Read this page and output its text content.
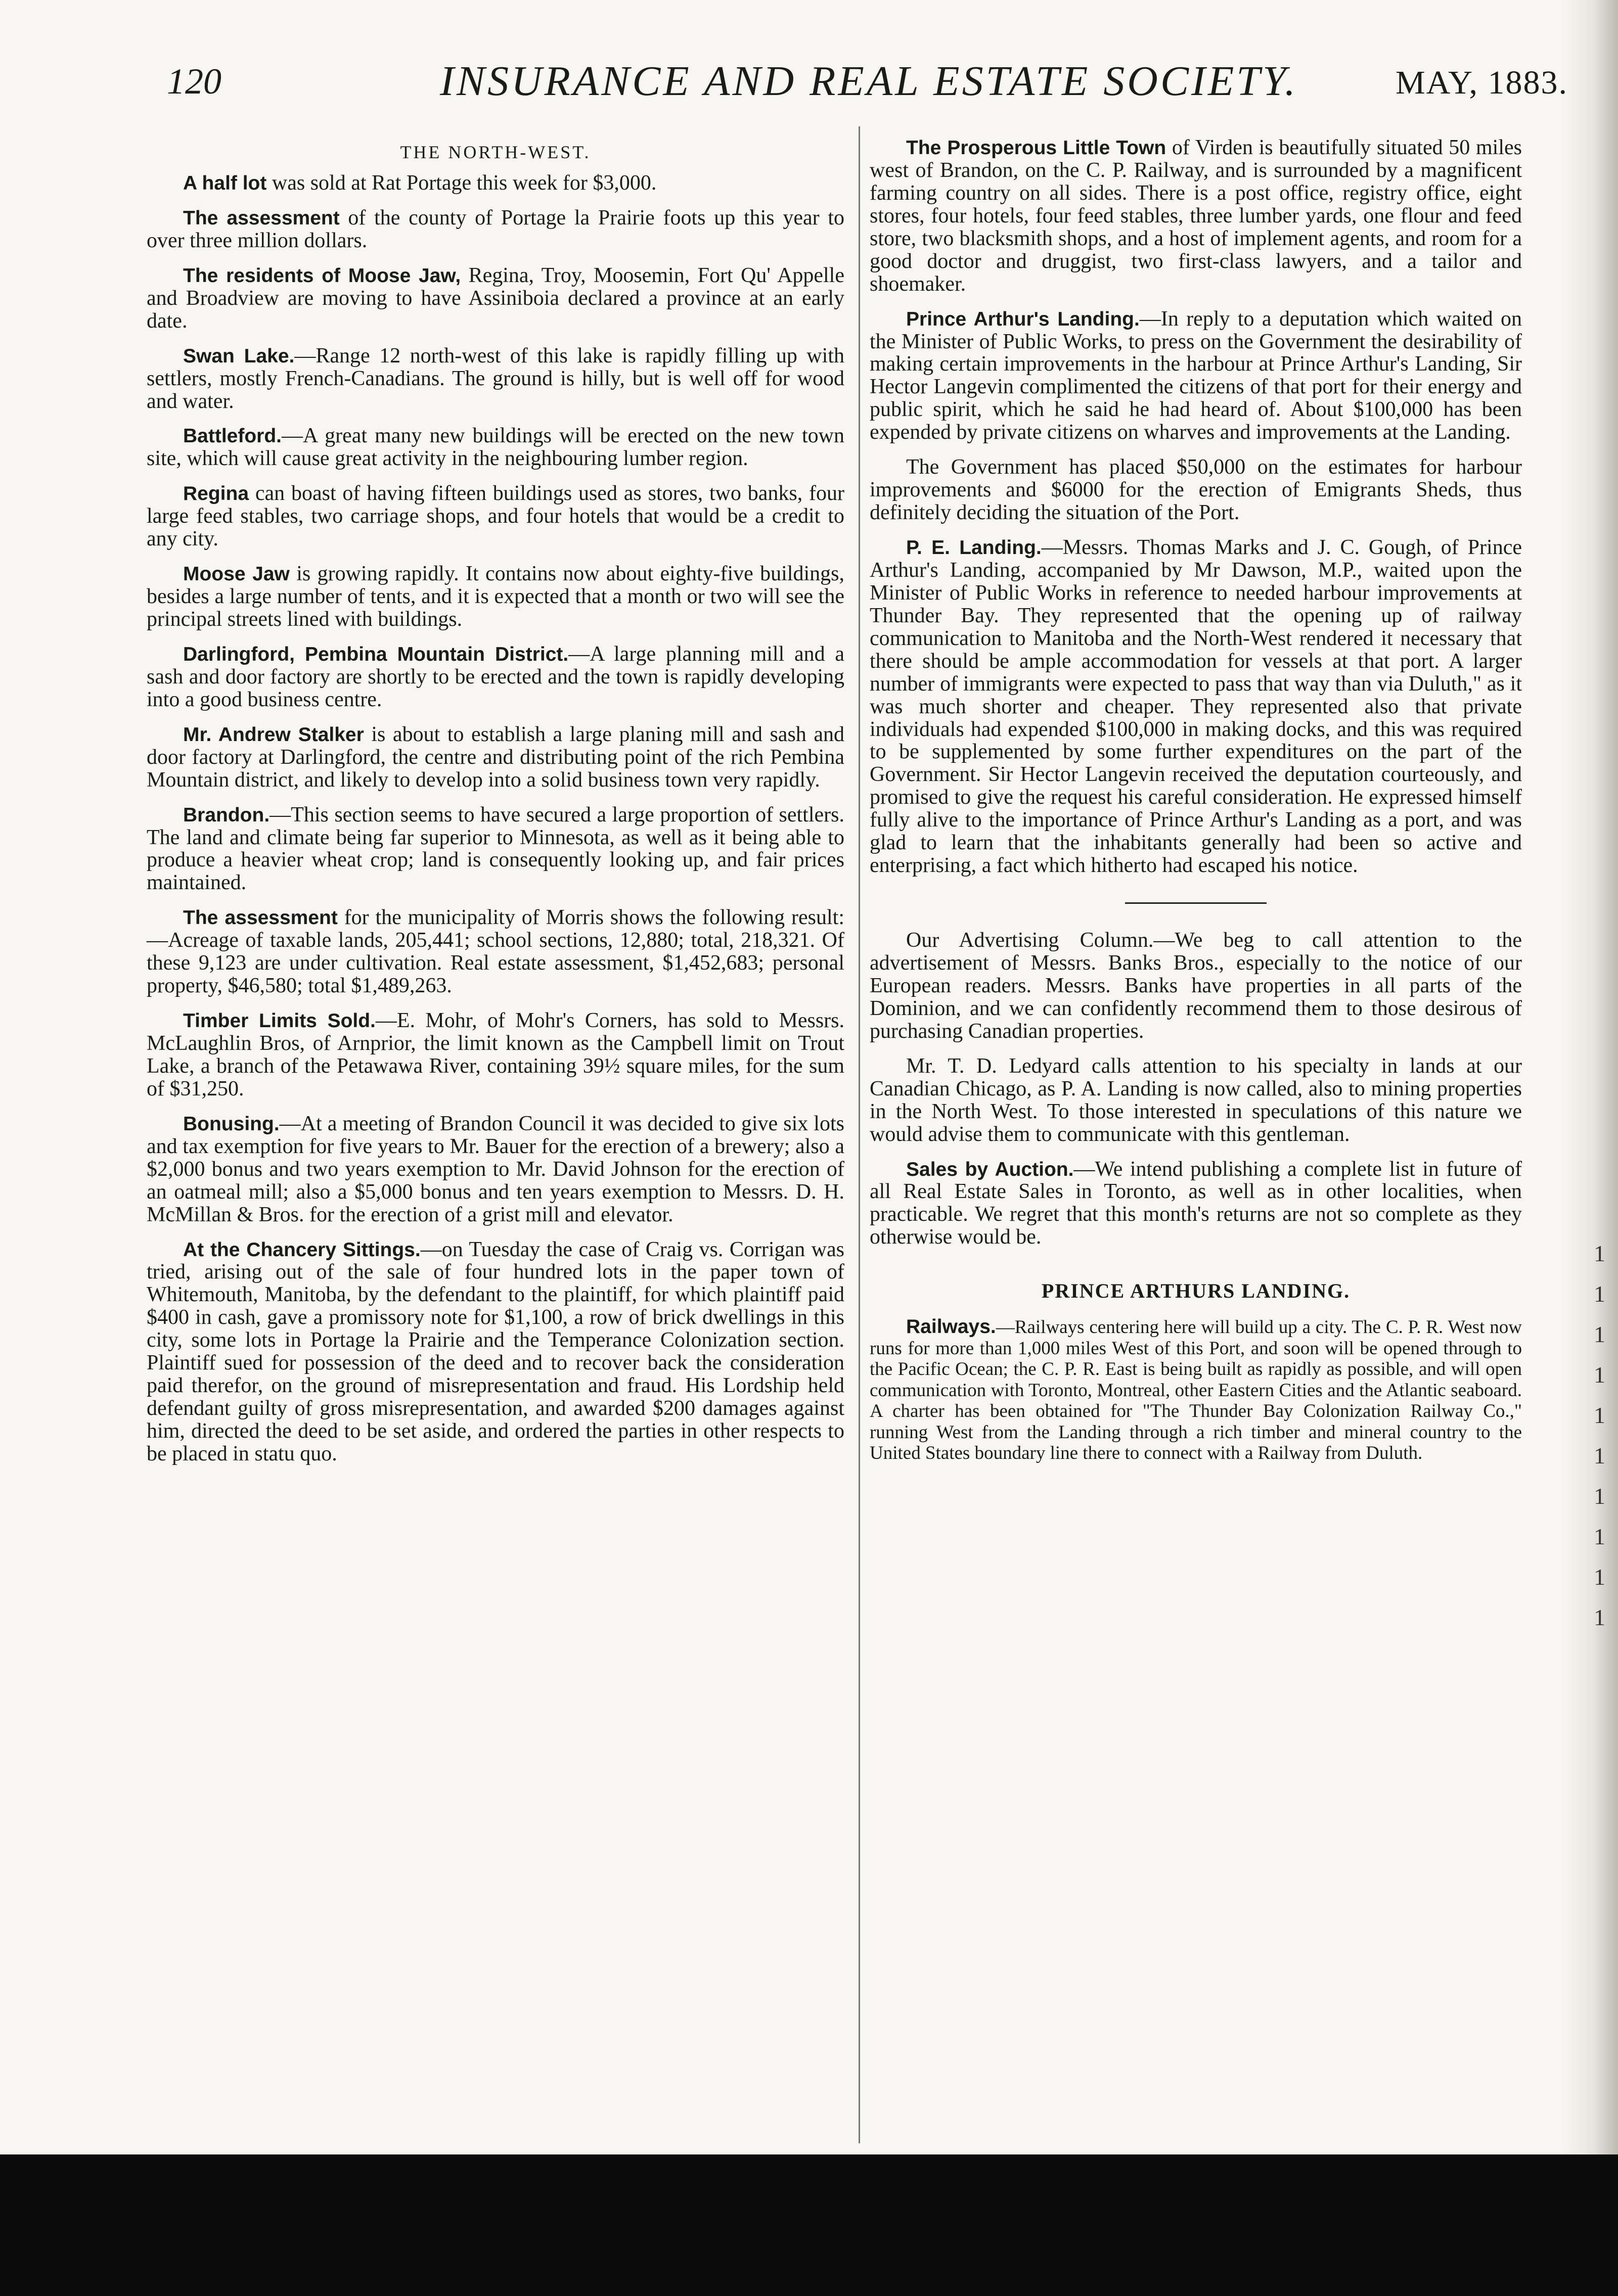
120	INSURANCE AND REAL ESTATE SOCIETY.	MAY, 1883.
THE NORTH-WEST.

A half lot was sold at Rat Portage this week for $3,000.

The assessment of the county of Portage la Prairie foots up this year to over three million dollars.

The residents of Moose Jaw, Regina, Troy, Moosemin, Fort Qu' Appelle and Broadview are moving to have Assiniboia declared a province at an early date.

Swan Lake.—Range 12 north-west of this lake is rapidly filling up with settlers, mostly French-Canadians. The ground is hilly, but is well off for wood and water.

Battleford.—A great many new buildings will be erected on the new town site, which will cause great activity in the neighbouring lumber region.

Regina can boast of having fifteen buildings used as stores, two banks, four large feed stables, two carriage shops, and four hotels that would be a credit to any city.

Moose Jaw is growing rapidly. It contains now about eighty-five buildings, besides a large number of tents, and it is expected that a month or two will see the principal streets lined with buildings.

Darlingford, Pembina Mountain District.—A large planning mill and a sash and door factory are shortly to be erected and the town is rapidly developing into a good business centre.

Mr. Andrew Stalker is about to establish a large planing mill and sash and door factory at Darlingford, the centre and distributing point of the rich Pembina Mountain district, and likely to develop into a solid business town very rapidly.

Brandon.—This section seems to have secured a large proportion of settlers. The land and climate being far superior to Minnesota, as well as it being able to produce a heavier wheat crop; land is consequently looking up, and fair prices maintained.

The assessment for the municipality of Morris shows the following result:—Acreage of taxable lands, 205,441; school sections, 12,880; total, 218,321. Of these 9,123 are under cultivation. Real estate assessment, $1,452,683; personal property, $46,580; total $1,489,263.

Timber Limits Sold.—E. Mohr, of Mohr's Corners, has sold to Messrs. McLaughlin Bros, of Arnprior, the limit known as the Campbell limit on Trout Lake, a branch of the Petawawa River, containing 39½ square miles, for the sum of $31,250.

Bonusing.—At a meeting of Brandon Council it was decided to give six lots and tax exemption for five years to Mr. Bauer for the erection of a brewery; also a $2,000 bonus and two years exemption to Mr. David Johnson for the erection of an oatmeal mill; also a $5,000 bonus and ten years exemption to Messrs. D. H. McMillan & Bros. for the erection of a grist mill and elevator.

At the Chancery Sittings.—on Tuesday the case of Craig vs. Corrigan was tried, arising out of the sale of four hundred lots in the paper town of Whitemouth, Manitoba, by the defendant to the plaintiff, for which plaintiff paid $400 in cash, gave a promissory note for $1,100, a row of brick dwellings in this city, some lots in Portage la Prairie and the Temperance Colonization section. Plaintiff sued for possession of the deed and to recover back the consideration paid therefor, on the ground of misrepresentation and fraud. His Lordship held defendant guilty of gross misrepresentation, and awarded $200 damages against him, directed the deed to be set aside, and ordered the parties in other respects to be placed in statu quo.

The Prosperous Little Town of Virden is beautifully situated 50 miles west of Brandon, on the C. P. Railway, and is surrounded by a magnificent farming country on all sides. There is a post office, registry office, eight stores, four hotels, four feed stables, three lumber yards, one flour and feed store, two blacksmith shops, and a host of implement agents, and room for a good doctor and druggist, two first-class lawyers, and a tailor and shoemaker.

Prince Arthur's Landing.—In reply to a deputation which waited on the Minister of Public Works, to press on the Government the desirability of making certain improvements in the harbour at Prince Arthur's Landing, Sir Hector Langevin complimented the citizens of that port for their energy and public spirit, which he said he had heard of. About $100,000 has been expended by private citizens on wharves and improvements at the Landing.

The Government has placed $50,000 on the estimates for harbour improvements and $6000 for the erection of Emigrants Sheds, thus definitely deciding the situation of the Port.

P. E. Landing.—Messrs. Thomas Marks and J. C. Gough, of Prince Arthur's Landing, accompanied by Mr Dawson, M.P., waited upon the Minister of Public Works in reference to needed harbour improvements at Thunder Bay. They represented that the opening up of railway communication to Manitoba and the North-West rendered it necessary that there should be ample accommodation for vessels at that port. A larger number of immigrants were expected to pass that way than via Duluth," as it was much shorter and cheaper. They represented also that private individuals had expended $100,000 in making docks, and this was required to be supplemented by some further expenditures on the part of the Government. Sir Hector Langevin received the deputation courteously, and promised to give the request his careful consideration. He expressed himself fully alive to the importance of Prince Arthur's Landing as a port, and was glad to learn that the inhabitants generally had been so active and enterprising, a fact which hitherto had escaped his notice.

Our Advertising Column.—We beg to call attention to the advertisement of Messrs. Banks Bros., especially to the notice of our European readers. Messrs. Banks have properties in all parts of the Dominion, and we can confidently recommend them to those desirous of purchasing Canadian properties.

Mr. T. D. Ledyard calls attention to his specialty in lands at our Canadian Chicago, as P. A. Landing is now called, also to mining properties in the North West. To those interested in speculations of this nature we would advise them to communicate with this gentleman.

Sales by Auction.—We intend publishing a complete list in future of all Real Estate Sales in Toronto, as well as in other localities, when practicable. We regret that this month's returns are not so complete as they otherwise would be.

PRINCE ARTHURS LANDING.

Railways.—Railways centering here will build up a city. The C. P. R. West now runs for more than 1,000 miles West of this Port, and soon will be opened through to the Pacific Ocean; the C. P. R. East is being built as rapidly as possible, and will open communication with Toronto, Montreal, other Eastern Cities and the Atlantic seaboard. A charter has been obtained for "The Thunder Bay Colonization Railway Co.," running West from the Landing through a rich timber and mineral country to the United States boundary line there to connect with a Railway from Duluth.

1
1
1
1
1
1
1
1
1
1
